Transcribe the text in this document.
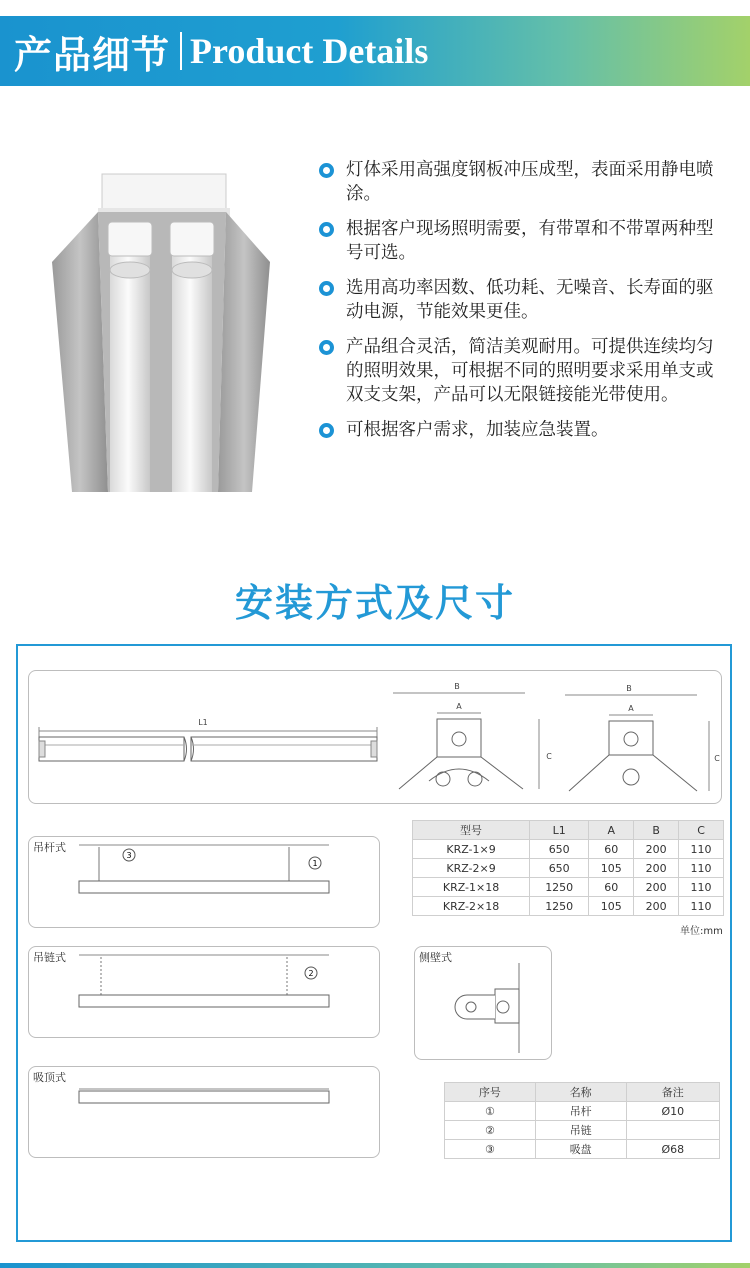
产品细节 Product Details
灯体采用高强度钢板冲压成型，表面采用静电喷涂。
根据客户现场照明需要，有带罩和不带罩两种型号可选。
选用高功率因数、低功耗、无噪音、长寿面的驱动电源，节能效果更佳。
产品组合灵活，简洁美观耐用。可提供连续均匀的照明效果，可根据不同的照明要求采用单支或双支支架，产品可以无限链接能光带使用。
可根据客户需求，加装应急装置。
安装方式及尺寸
L1
B
A
C
B
A
C
吊杆式
3
1
吊链式
2
吸顶式
侧壁式
型号	L1	A	B	C
KRZ-1×9	650	60	200	110
KRZ-2×9	650	105	200	110
KRZ-1×18	1250	60	200	110
KRZ-2×18	1250	105	200	110
单位:mm
序号	名称	备注
①	吊杆	Ø10
②	吊链	
③	吸盘	Ø68
